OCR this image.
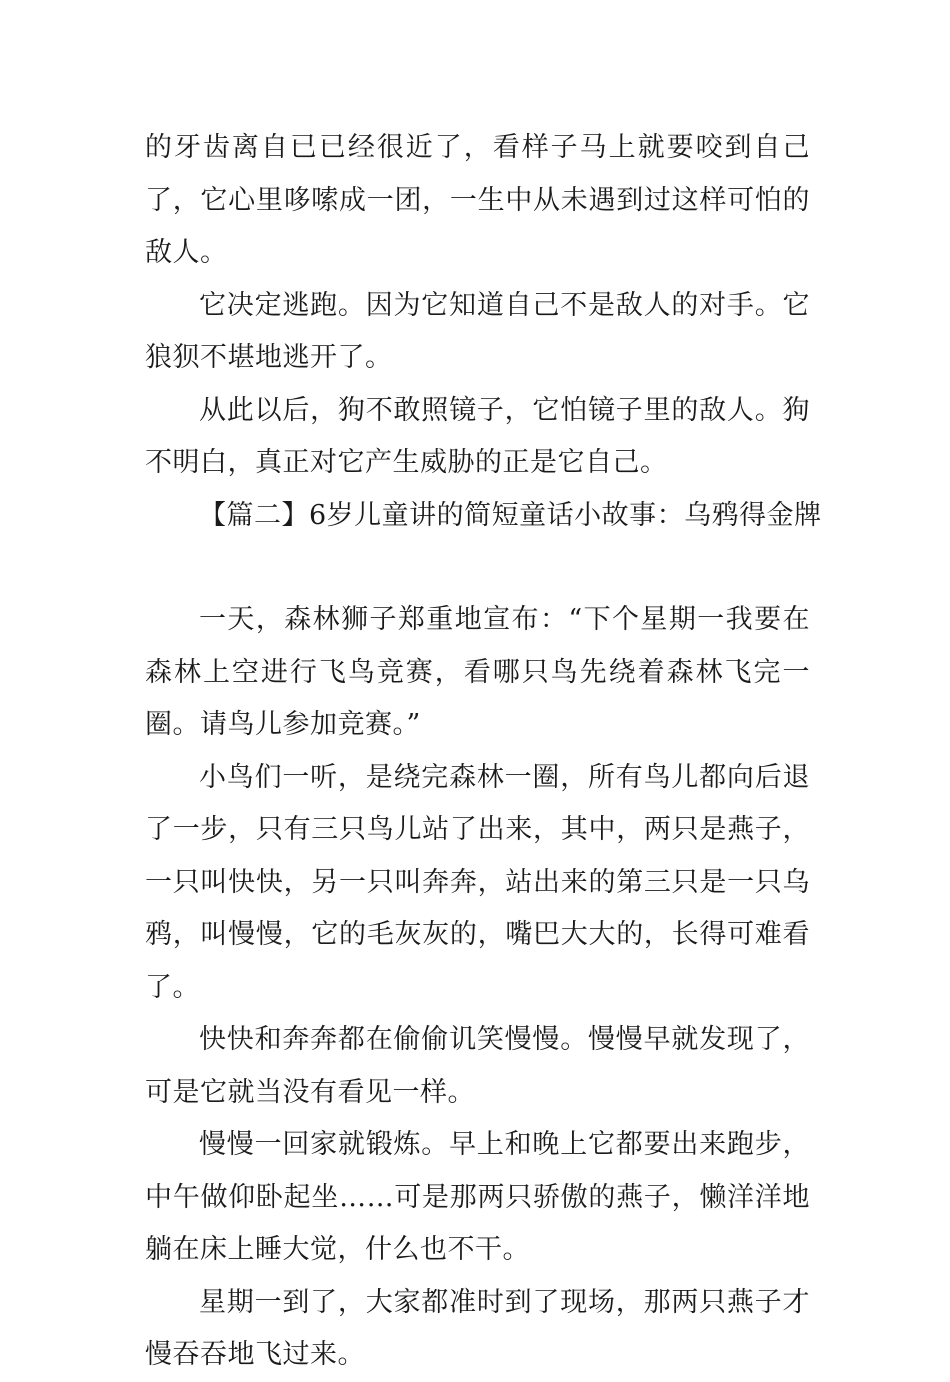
的牙齿离自已已经很近了，看样子马上就要咬到自己了，它心里哆嗦成一团，一生中从未遇到过这样可怕的敌人。

它决定逃跑。因为它知道自己不是敌人的对手。它狼狈不堪地逃开了。

从此以后，狗不敢照镜子，它怕镜子里的敌人。狗不明白，真正对它产生威胁的正是它自己。

【篇二】6岁儿童讲的简短童话小故事：乌鸦得金牌

一天，森林狮子郑重地宣布：“下个星期一我要在森林上空进行飞鸟竞赛，看哪只鸟先绕着森林飞完一圈。请鸟儿参加竞赛。”

小鸟们一听，是绕完森林一圈，所有鸟儿都向后退了一步，只有三只鸟儿站了出来，其中，两只是燕子，一只叫快快，另一只叫奔奔，站出来的第三只是一只乌鸦，叫慢慢，它的毛灰灰的，嘴巴大大的，长得可难看了。

快快和奔奔都在偷偷讥笑慢慢。慢慢早就发现了，可是它就当没有看见一样。

慢慢一回家就锻炼。早上和晚上它都要出来跑步，中午做仰卧起坐……可是那两只骄傲的燕子，懒洋洋地躺在床上睡大觉，什么也不干。

星期一到了，大家都准时到了现场，那两只燕子才慢吞吞地飞过来。
